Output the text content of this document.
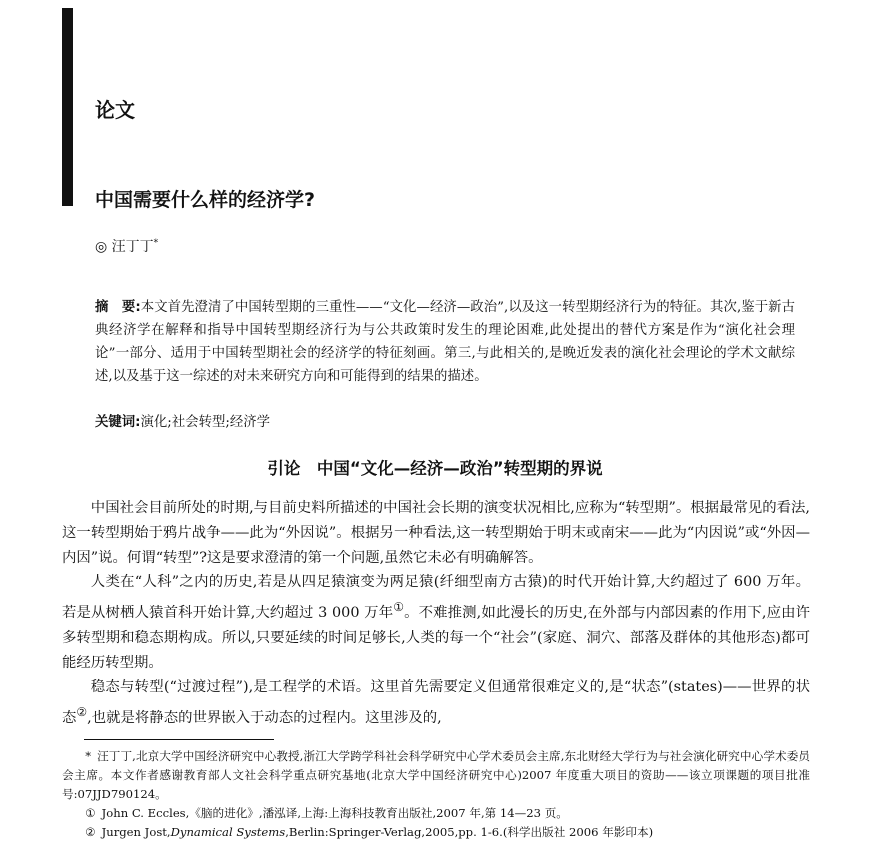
论文
中国需要什么样的经济学?
◎ 汪丁丁*

摘　要:本文首先澄清了中国转型期的三重性——“文化—经济—政治”,以及这一转型期经济行为的特征。其次,鉴于新古典经济学在解释和指导中国转型期经济行为与公共政策时发生的理论困难,此处提出的替代方案是作为“演化社会理论”一部分、适用于中国转型期社会的经济学的特征刻画。第三,与此相关的,是晚近发表的演化社会理论的学术文献综述,以及基于这一综述的对未来研究方向和可能得到的结果的描述。

关键词:演化;社会转型;经济学

引论　中国“文化—经济—政治”转型期的界说

中国社会目前所处的时期,与目前史料所描述的中国社会长期的演变状况相比,应称为“转型期”。根据最常见的看法,这一转型期始于鸦片战争——此为“外因说”。根据另一种看法,这一转型期始于明末或南宋——此为“内因说”或“外因—内因”说。何谓“转型”?这是要求澄清的第一个问题,虽然它未必有明确解答。

人类在“人科”之内的历史,若是从四足猿演变为两足猿(纤细型南方古猿)的时代开始计算,大约超过了 600 万年。若是从树栖人猿首科开始计算,大约超过 3 000 万年①。不难推测,如此漫长的历史,在外部与内部因素的作用下,应由许多转型期和稳态期构成。所以,只要延续的时间足够长,人类的每一个“社会”(家庭、洞穴、部落及群体的其他形态)都可能经历转型期。

稳态与转型(“过渡过程”),是工程学的术语。这里首先需要定义但通常很难定义的,是“状态”(states)——世界的状态②,也就是将静态的世界嵌入于动态的过程内。这里涉及的,

* 汪丁丁,北京大学中国经济研究中心教授,浙江大学跨学科社会科学研究中心学术委员会主席,东北财经大学行为与社会演化研究中心学术委员会主席。本文作者感谢教育部人文社会科学重点研究基地(北京大学中国经济研究中心)2007 年度重大项目的资助——该立项课题的项目批准号:07JJD790124。

① John C. Eccles,《脑的进化》,潘泓译,上海:上海科技教育出版社,2007 年,第 14—23 页。

② Jurgen Jost,Dynamical Systems,Berlin:Springer-Verlag,2005,pp. 1-6.(科学出版社 2006 年影印本)
